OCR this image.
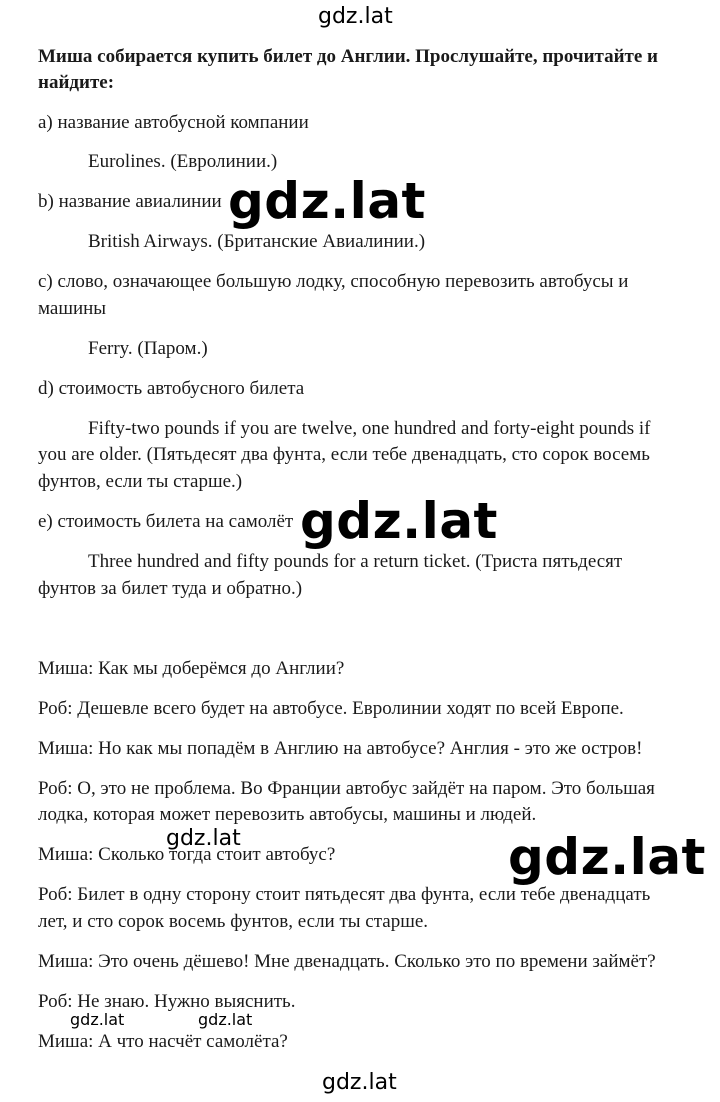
gdz.lat
Миша собирается купить билет до Англии. Прослушайте, прочитайте и
найдите:
a) название автобусной компании
Eurolines. (Евролинии.)
b) название авиалинии
British Airways. (Британские Авиалинии.)
c) слово, означающее большую лодку, способную перевозить автобусы и
машины
Ferry. (Паром.)
d) стоимость автобусного билета
Fifty-two pounds if you are twelve, one hundred and forty-eight pounds if
you are older. (Пятьдесят два фунта, если тебе двенадцать, сто сорок восемь
фунтов, если ты старше.)
e) стоимость билета на самолёт
Three hundred and fifty pounds for a return ticket. (Триста пятьдесят
фунтов за билет туда и обратно.)
Миша: Как мы доберёмся до Англии?
Роб: Дешевле всего будет на автобусе. Евролинии ходят по всей Европе.
Миша: Но как мы попадём в Англию на автобусе? Англия - это же остров!
Роб: О, это не проблема. Во Франции автобус зайдёт на паром. Это большая
лодка, которая может перевозить автобусы, машины и людей.
Миша: Сколько тогда стоит автобус?
Роб: Билет в одну сторону стоит пятьдесят два фунта, если тебе двенадцать
лет, и сто сорок восемь фунтов, если ты старше.
Миша: Это очень дёшево! Мне двенадцать. Сколько это по времени займёт?
Роб: Не знаю. Нужно выяснить.
Миша: А что насчёт самолёта?
gdz.lat
gdz.lat
gdz.lat
gdz.lat
gdz.lat	gdz.lat
gdz.lat
